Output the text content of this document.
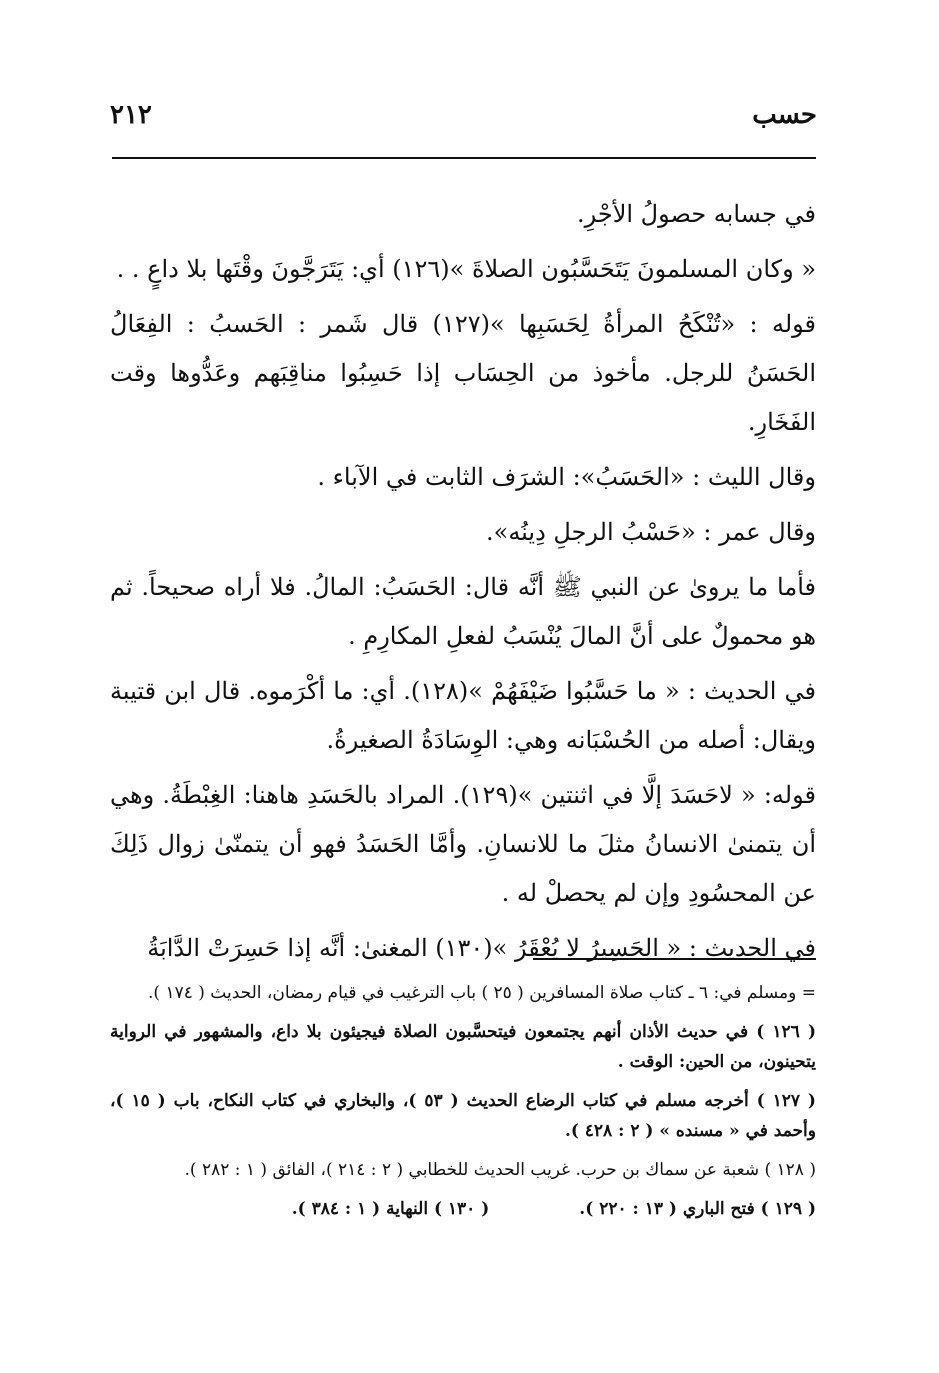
٢١٢	حسب

في جسابه حصولُ الأجْرِ.

« وكان المسلمونَ يَتَحَسَّبُون الصلاةَ »(١٢٦) أي: يَتَرَجَّونَ وقْتَها بلا داعٍ . .

قوله : «تُنْكَحُ المرأةُ لِحَسَبِها »(١٢٧) قال شَمر : الحَسبُ : الفِعَالُ الحَسَنُ للرجل. مأخوذ من الحِسَاب إذا حَسِبُوا مناقِبَهم وعَدُّوها وقت الفَخَارِ.

وقال الليث : «الحَسَبُ»: الشرَف الثابت في الآباء .

وقال عمر : «حَسْبُ الرجلِ دِينُه».

فأما ما يروىٰ عن النبي ﷺ أنَّه قال: الحَسَبُ: المالُ. فلا أراه صحيحاً. ثم هو محمولٌ على أنَّ المالَ يُنْسَبُ لفعلِ المكارِمِ .

في الحديث : « ما حَسَّبُوا ضَيْفَهُمْ »(١٢٨). أي: ما أكْرَموه. قال ابن قتيبة ويقال: أصله من الحُسْبَانه وهي: الوِسَادَةُ الصغيرةُ.

قوله: « لاحَسَدَ إلَّا في اثنتين »(١٢٩). المراد بالحَسَدِ هاهنا: الغِبْطَةُ. وهي أن يتمنىٰ الانسانُ مثلَ ما للانسانِ. وأمَّا الحَسَدُ فهو أن يتمنّىٰ زوال ذَلِكَ عن المحسُودِ وإن لم يحصلْ له .

في الحديث : « الحَسِيرُ لا يُعْقَرُ »(١٣٠) المغنىٰ: أنَّه إذا حَسِرَتْ الدَّابَةُ

= ومسلم في: ٦ ـ كتاب صلاة المسافرين ( ٢٥ ) باب الترغيب في قيام رمضان، الحديث ( ١٧٤ ).

( ١٢٦ ) في حديث الأذان أنهم يجتمعون فيتحسَّبون الصلاة فيجيئون بلا داع، والمشهور في الرواية يتحينون، من الحين: الوقت .

( ١٢٧ ) أخرجه مسلم في كتاب الرضاع الحديث ( ٥٣ )، والبخاري في كتاب النكاح، باب ( ١٥ )، وأحمد في « مسنده » ( ٢ : ٤٢٨ ).

( ١٢٨ ) شعبة عن سماك بن حرب. غريب الحديث للخطابي ( ٢ : ٢١٤ )، الفائق ( ١ : ٢٨٢ ).

( ١٢٩ ) فتح الباري ( ١٣ : ٢٢٠ ).
( ١٣٠ ) النهاية ( ١ : ٣٨٤ ).
